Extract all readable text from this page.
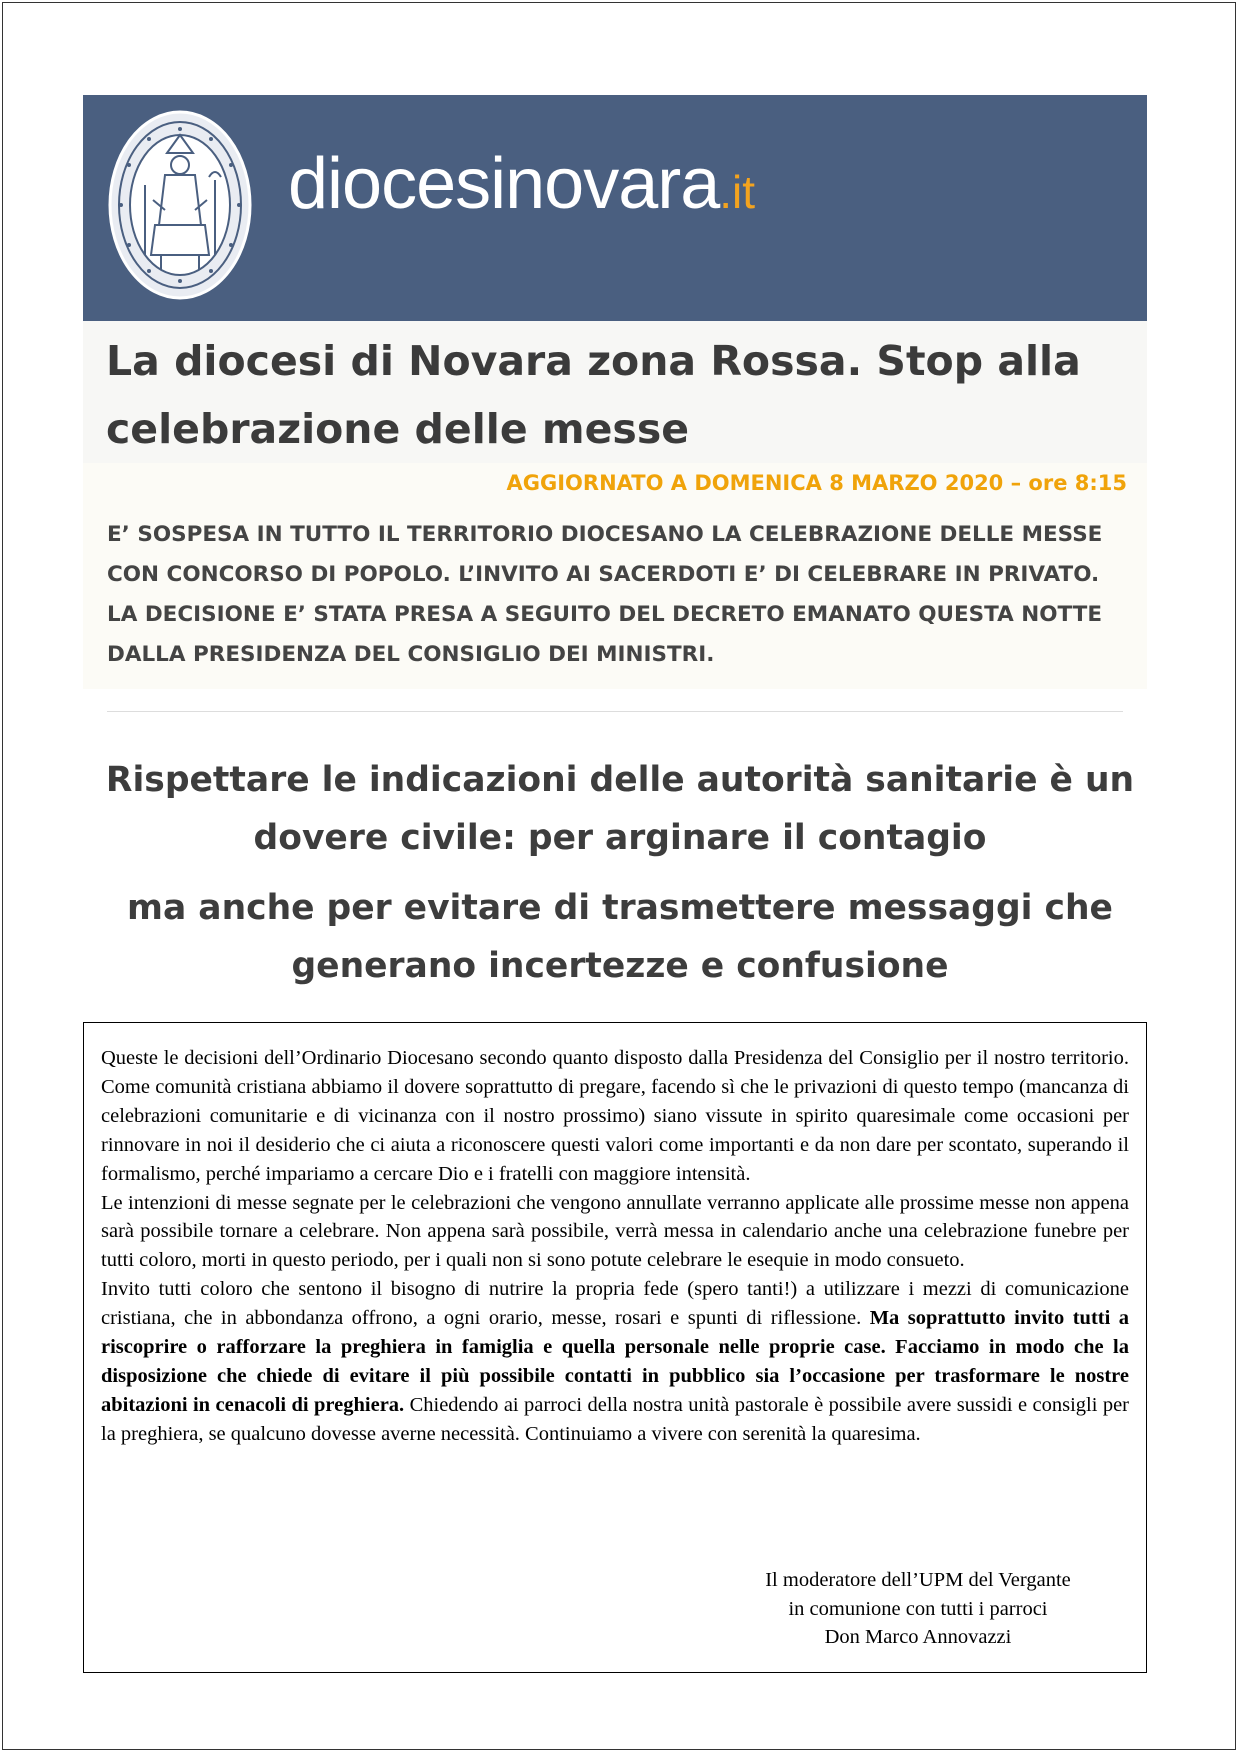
diocesinovara.it
La diocesi di Novara zona Rossa. Stop alla celebrazione delle messe
AGGIORNATO A DOMENICA 8 MARZO 2020 – ore 8:15

E’ SOSPESA IN TUTTO IL TERRITORIO DIOCESANO LA CELEBRAZIONE DELLE MESSE CON CONCORSO DI POPOLO. L’INVITO AI SACERDOTI E’ DI CELEBRARE IN PRIVATO. LA DECISIONE E’ STATA PRESA A SEGUITO DEL DECRETO EMANATO QUESTA NOTTE DALLA PRESIDENZA DEL CONSIGLIO DEI MINISTRI.

Rispettare le indicazioni delle autorità sanitarie è un dovere civile: per arginare il contagio

ma anche per evitare di trasmettere messaggi che generano incertezze e confusione

Queste le decisioni dell’Ordinario Diocesano secondo quanto disposto dalla Presidenza del Consiglio per il nostro territorio. Come comunità cristiana abbiamo il dovere soprattutto di pregare, facendo sì che le privazioni di questo tempo (mancanza di celebrazioni comunitarie e di vicinanza con il nostro prossimo) siano vissute in spirito quaresimale come occasioni per rinnovare in noi il desiderio che ci aiuta a riconoscere questi valori come importanti e da non dare per scontato, superando il formalismo, perché impariamo a cercare Dio e i fratelli con maggiore intensità.

Le intenzioni di messe segnate per le celebrazioni che vengono annullate verranno applicate alle prossime messe non appena sarà possibile tornare a celebrare. Non appena sarà possibile, verrà messa in calendario anche una celebrazione funebre per tutti coloro, morti in questo periodo, per i quali non si sono potute celebrare le esequie in modo consueto.

Invito tutti coloro che sentono il bisogno di nutrire la propria fede (spero tanti!) a utilizzare i mezzi di comunicazione cristiana, che in abbondanza offrono, a ogni orario, messe, rosari e spunti di riflessione. Ma soprattutto invito tutti a riscoprire o rafforzare la preghiera in famiglia e quella personale nelle proprie case. Facciamo in modo che la disposizione che chiede di evitare il più possibile contatti in pubblico sia l’occasione per trasformare le nostre abitazioni in cenacoli di preghiera. Chiedendo ai parroci della nostra unità pastorale è possibile avere sussidi e consigli per la preghiera, se qualcuno dovesse averne necessità. Continuiamo a vivere con serenità la quaresima.

Il moderatore dell’UPM del Vergante
in comunione con tutti i parroci
Don Marco Annovazzi
